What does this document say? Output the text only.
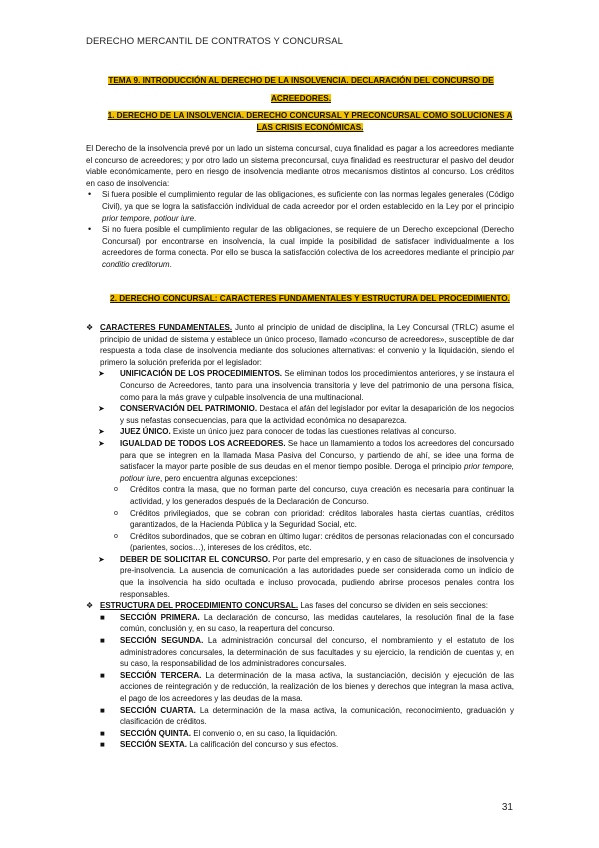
DERECHO MERCANTIL DE CONTRATOS Y CONCURSAL
TEMA 9. INTRODUCCIÓN AL DERECHO DE LA INSOLVENCIA. DECLARACIÓN DEL CONCURSO DE ACREEDORES.
1. DERECHO DE LA INSOLVENCIA. DERECHO CONCURSAL Y PRECONCURSAL COMO SOLUCIONES A LAS CRISIS ECONÓMICAS.
El Derecho de la insolvencia prevé por un lado un sistema concursal, cuya finalidad es pagar a los acreedores mediante el concurso de acreedores; y por otro lado un sistema preconcursal, cuya finalidad es reestructurar el pasivo del deudor viable económicamente, pero en riesgo de insolvencia mediante otros mecanismos distintos al concurso. Los créditos en caso de insolvencia:
• Si fuera posible el cumplimiento regular de las obligaciones, es suficiente con las normas legales generales (Código Civil), ya que se logra la satisfacción individual de cada acreedor por el orden establecido en la Ley por el principio prior tempore, potiour iure.
• Si no fuera posible el cumplimiento regular de las obligaciones, se requiere de un Derecho excepcional (Derecho Concursal) por encontrarse en insolvencia, la cual impide la posibilidad de satisfacer individualmente a los acreedores de forma conecta. Por ello se busca la satisfacción colectiva de los acreedores mediante el principio par conditio creditorum.
2. DERECHO CONCURSAL: CARACTERES FUNDAMENTALES Y ESTRUCTURA DEL PROCEDIMIENTO.
❖ CARACTERES FUNDAMENTALES. Junto al principio de unidad de disciplina, la Ley Concursal (TRLC) asume el principio de unidad de sistema y establece un único proceso, llamado «concurso de acreedores», susceptible de dar respuesta a toda clase de insolvencia mediante dos soluciones alternativas: el convenio y la liquidación, siendo el primero la solución preferida por el legislador:
➤ UNIFICACIÓN DE LOS PROCEDIMIENTOS. Se eliminan todos los procedimientos anteriores, y se instaura el Concurso de Acreedores, tanto para una insolvencia transitoria y leve del patrimonio de una persona física, como para la más grave y culpable insolvencia de una multinacional.
➤ CONSERVACIÓN DEL PATRIMONIO. Destaca el afán del legislador por evitar la desaparición de los negocios y sus nefastas consecuencias, para que la actividad económica no desaparezca.
➤ JUEZ ÚNICO. Existe un único juez para conocer de todas las cuestiones relativas al concurso.
➤ IGUALDAD DE TODOS LOS ACREEDORES. Se hace un llamamiento a todos los acreedores del concursado para que se integren en la llamada Masa Pasiva del Concurso, y partiendo de ahí, se idee una forma de satisfacer la mayor parte posible de sus deudas en el menor tiempo posible. Deroga el principio prior tempore, potiour iure, pero encuentra algunas excepciones:
o Créditos contra la masa, que no forman parte del concurso, cuya creación es necesaria para continuar la actividad, y los generados después de la Declaración de Concurso.
o Créditos privilegiados, que se cobran con prioridad: créditos laborales hasta ciertas cuantías, créditos garantizados, de la Hacienda Pública y la Seguridad Social, etc.
o Créditos subordinados, que se cobran en último lugar: créditos de personas relacionadas con el concursado (parientes, socios…), intereses de los créditos, etc.
➤ DEBER DE SOLICITAR EL CONCURSO. Por parte del empresario, y en caso de situaciones de insolvencia y pre-insolvencia. La ausencia de comunicación a las autoridades puede ser considerada como un indicio de que la insolvencia ha sido ocultada e incluso provocada, pudiendo abrirse procesos penales contra los responsables.
❖ ESTRUCTURA DEL PROCEDIMIENTO CONCURSAL. Las fases del concurso se dividen en seis secciones:
■ SECCIÓN PRIMERA. La declaración de concurso, las medidas cautelares, la resolución final de la fase común, conclusión y, en su caso, la reapertura del concurso.
■ SECCIÓN SEGUNDA. La administración concursal del concurso, el nombramiento y el estatuto de los administradores concursales, la determinación de sus facultades y su ejercicio, la rendición de cuentas y, en su caso, la responsabilidad de los administradores concursales.
■ SECCIÓN TERCERA. La determinación de la masa activa, la sustanciación, decisión y ejecución de las acciones de reintegración y de reducción, la realización de los bienes y derechos que integran la masa activa, el pago de los acreedores y las deudas de la masa.
■ SECCIÓN CUARTA. La determinación de la masa activa, la comunicación, reconocimiento, graduación y clasificación de créditos.
■ SECCIÓN QUINTA. El convenio o, en su caso, la liquidación.
■ SECCIÓN SEXTA. La calificación del concurso y sus efectos.
31
